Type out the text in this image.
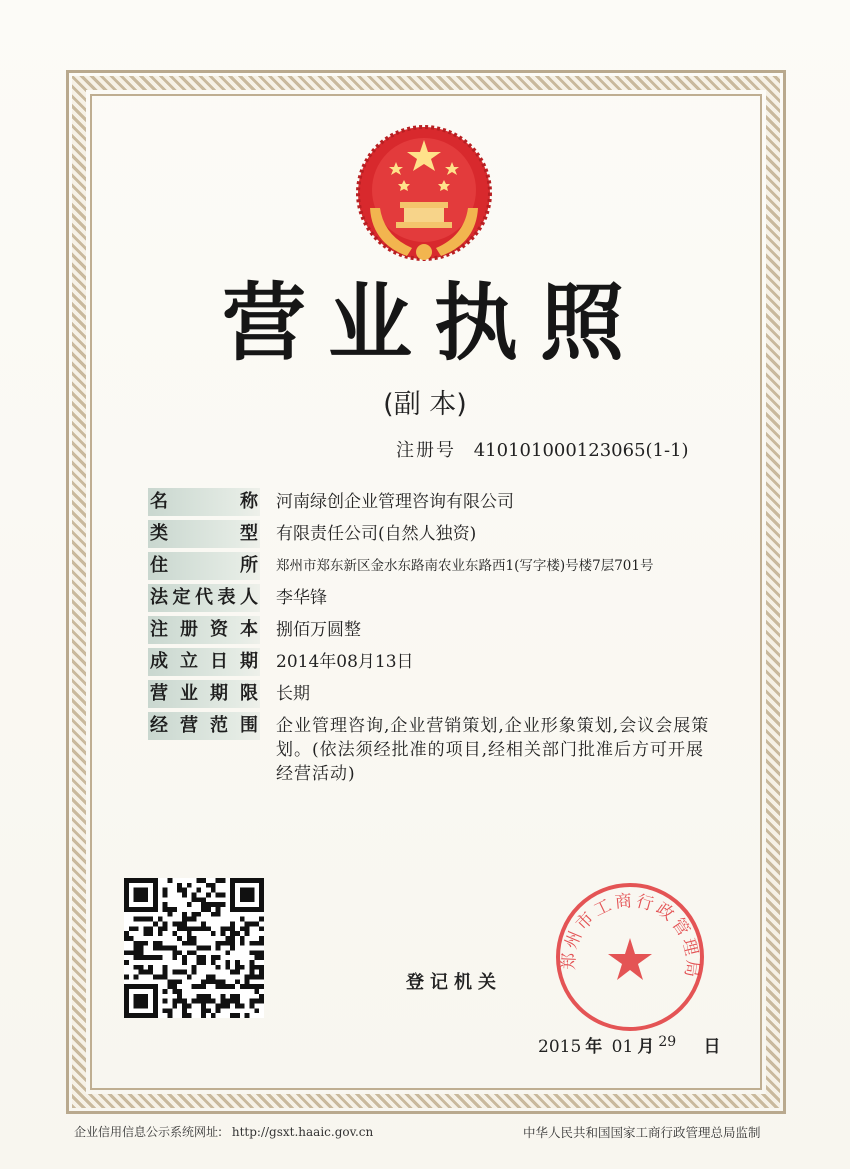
营业执照
(副 本)
注册号 410101000123065(1-1)
名	称 河南绿创企业管理咨询有限公司
类	型 有限责任公司(自然人独资)
住	所 郑州市郑东新区金水东路南农业东路西1(写字楼)号楼7层701号
法 定 代 表 人 李华锋
注 册 资 本 捌佰万圆整
成 立 日 期 2014年08月13日
营 业 期 限 长期
经 营 范 围 企业管理咨询,企业营销策划,企业形象策划,会议会展策划。(依法须经批准的项目,经相关部门批准后方可开展经营活动)
登记机关
郑州市工商行政管理局
2015 年 01 月 $^{29}$ 日
企业信用信息公示系统网址: http://gsxt.haaic.gov.cn	中华人民共和国国家工商行政管理总局监制
